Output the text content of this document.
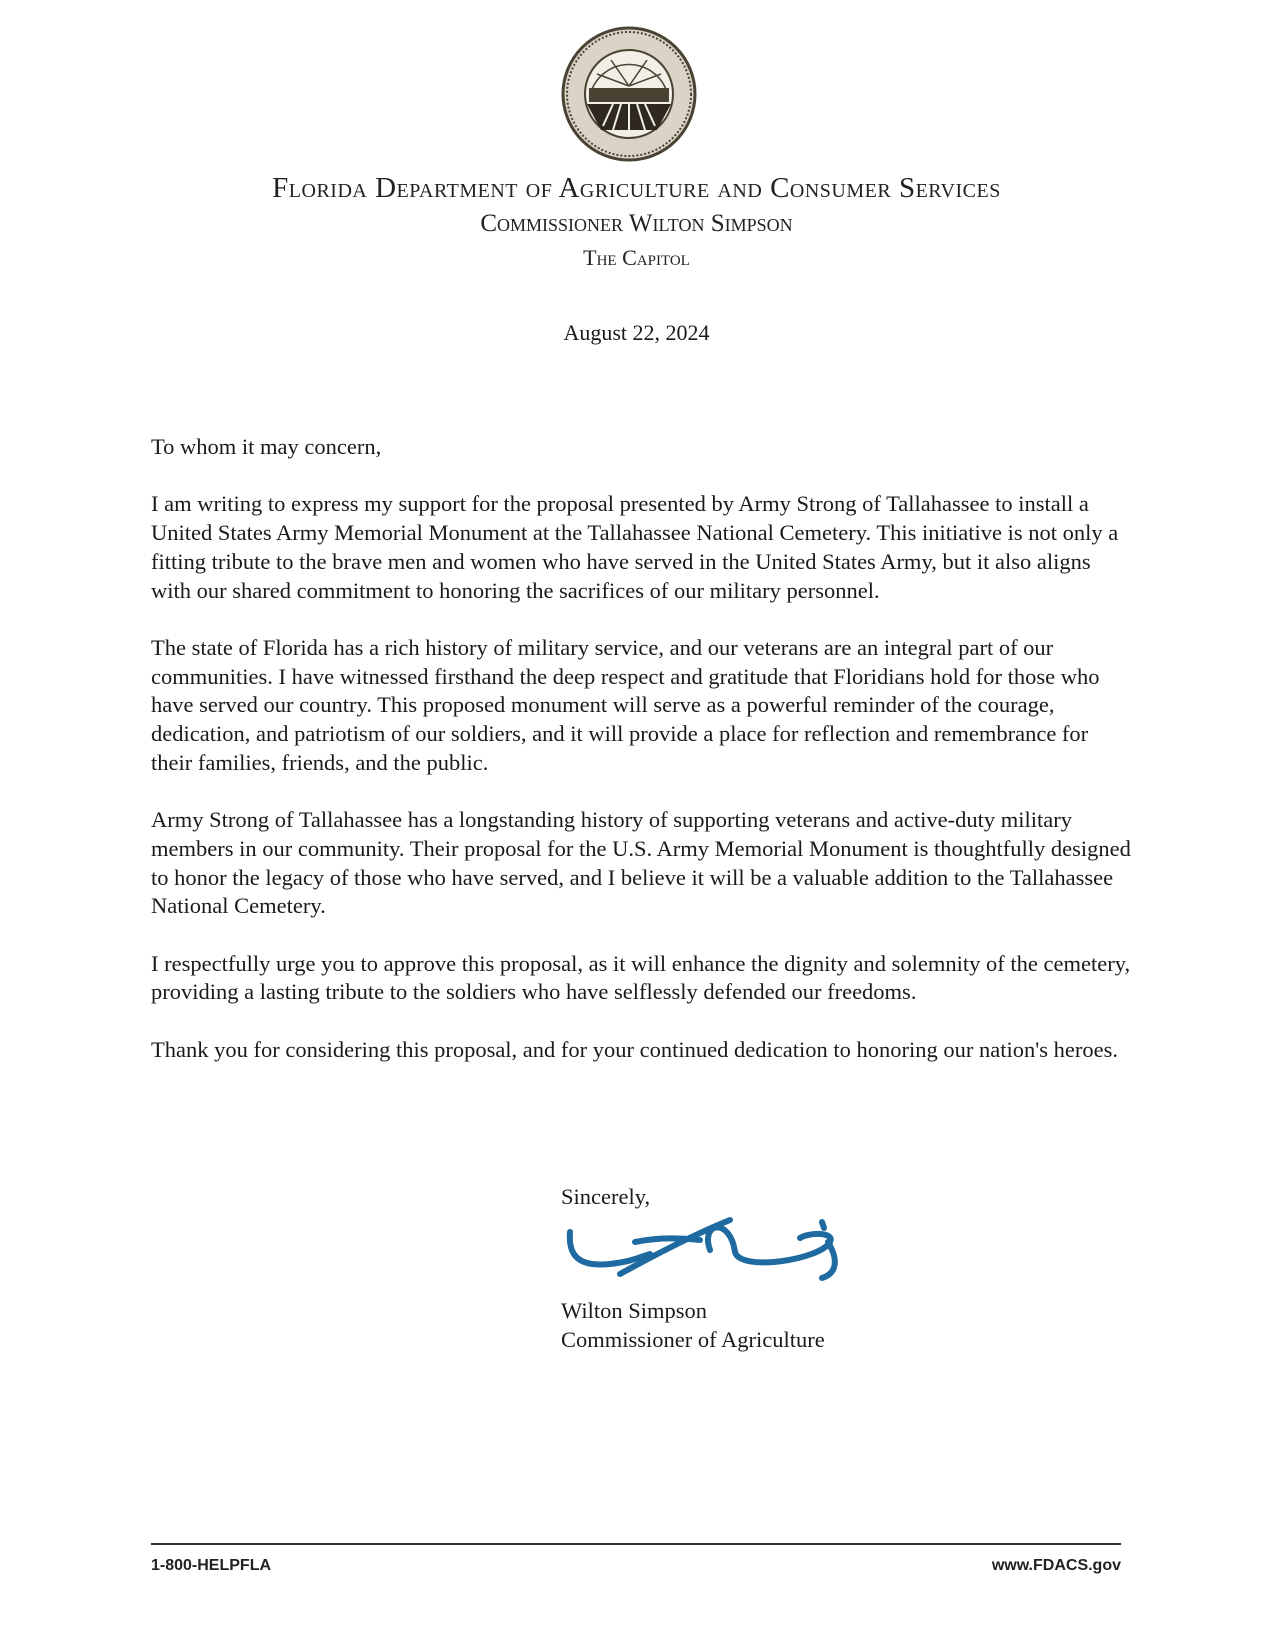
Florida Department of Agriculture and Consumer Services
Commissioner Wilton Simpson
The Capitol
August 22, 2024

To whom it may concern,

I am writing to express my support for the proposal presented by Army Strong of Tallahassee to install a United States Army Memorial Monument at the Tallahassee National Cemetery. This initiative is not only a fitting tribute to the brave men and women who have served in the United States Army, but it also aligns with our shared commitment to honoring the sacrifices of our military personnel.

The state of Florida has a rich history of military service, and our veterans are an integral part of our communities. I have witnessed firsthand the deep respect and gratitude that Floridians hold for those who have served our country. This proposed monument will serve as a powerful reminder of the courage, dedication, and patriotism of our soldiers, and it will provide a place for reflection and remembrance for their families, friends, and the public.

Army Strong of Tallahassee has a longstanding history of supporting veterans and active-duty military members in our community. Their proposal for the U.S. Army Memorial Monument is thoughtfully designed to honor the legacy of those who have served, and I believe it will be a valuable addition to the Tallahassee National Cemetery.

I respectfully urge you to approve this proposal, as it will enhance the dignity and solemnity of the cemetery, providing a lasting tribute to the soldiers who have selflessly defended our freedoms.

Thank you for considering this proposal, and for your continued dedication to honoring our nation's heroes.

Sincerely,
Wilton Simpson
Commissioner of Agriculture
1-800-HELPFLA	www.FDACS.gov
